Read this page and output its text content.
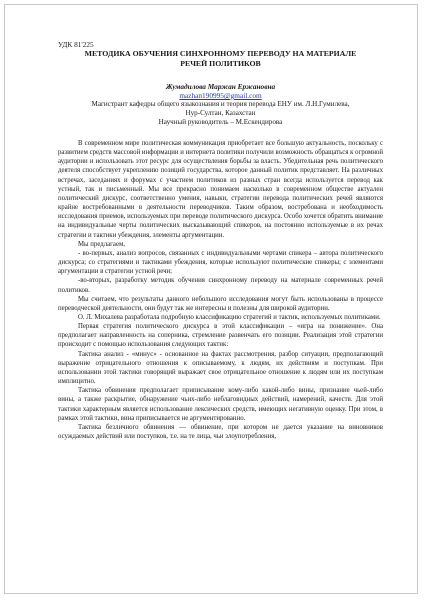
УДК 81'225
МЕТОДИКА ОБУЧЕНИЯ СИНХРОННОМУ ПЕРЕВОДУ НА МАТЕРИАЛЕ
РЕЧЕЙ ПОЛИТИКОВ
Жумадилова Маржан Ержановна
mazhan190995@gmail.com
Магистрант кафедры общего языкознания и теория перевода ЕНУ им. Л.Н.Гумилева,
Нур-Султан, Казахстан
Научный руководитель – М.Ескендирова

В современном мире политическая коммуникация приобретает все большую актуальность, поскольку с развитием средств массовой информации и интернета политики получили возможность обращаться к огромной аудитории и использовать этот ресурс для осуществления борьбы за власть. Убедительная речь политического деятеля способствует укреплению позиций государства, которое данный политик представляет. На различных встречах, заседаниях и форумах с участием политиков из разных стран всегда используется перевод как устный, так и письменный. Мы все прекрасно понимаем насколько в современном обществе актуален политический дискурс, соответственно умения, навыки, стратегии перевода политических речей являются крайне востребованными в деятельности переводчиков. Таким образом, востребована и необходимость исследования приемов, используемых при переводе политического дискурса. Особо хочется обратить внимание на индивидуальные черты политических высказывающий спикеров, на постоянно используемые в их речах стратегии и тактики убеждения, элементы аргументации.

Мы предлагаем,

- во-первых, анализ вопросов, связанных с индивидуальными чертами спикера – автора политического дискурса; со стратегиями и тактиками убеждения, которые используют политические спикеры; с элементами аргументации в стратегии устной речи;

-во-вторых, разработку методик обучения синхронному переводу на материале современных речей политиков.

Мы считаем, что результаты данного небольшого исследования могут быть использованы в процессе переводческой деятельности, они будут так же интересны и полезны для широкой аудитории.

О. Л. Михалева разработала подробную классификацию стратегий и тактик, используемых политиками.

Первая стратегия политического дискурса в этой классификации – «игра на понижение». Она предполагает направленность на соперника, стремление развенчать его позиции. Реализация этой стратегии происходит с помощью использования следующих тактик:

Тактика анализ - «минус» - основанное на фактах рассмотрения, разбор ситуации, предполагающий выражение отрицательного отношения к описываемому, к людям, их действиям и поступкам. При использовании этой тактики говорящий выражает свое отрицательное отношение к людям или их поступкам имплицитно.

Тактика обвинения предполагает приписывание кому-либо какой-либо вины, признание чьей-либо вины, а также раскрытие, обнаружение чьих-либо неблаговидных действий, намерений, качеств. Для этой тактики характерным является использование лексических средств, имеющих негативную оценку. При этом, в рамках этой тактики, вина приписывается не аргументированно.

Тактика безличного обвинения — обвинение, при котором не дается указание на виновников осуждаемых действий или поступков, т.е. на те лица, чьи злоупотребления,
